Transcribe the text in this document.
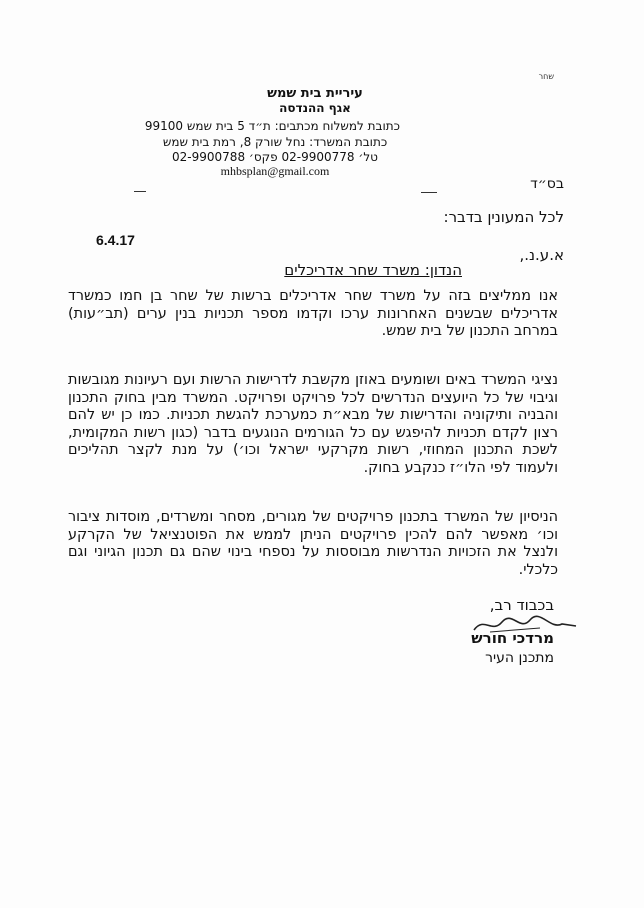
שחר
עיריית בית שמש
אגף ההנדסה
כתובת למשלוח מכתבים: ת״ד 5 בית שמש 99100
כתובת המשרד: נחל שורק 8, רמת בית שמש
טל׳ 02-9900778 פקס׳ 02-9900788
mhbsplan@gmail.com
בס״ד
לכל המעונין בדבר:
6.4.17
א.ע.נ.,
הנדון: משרד שחר אדריכלים
אנו ממליצים בזה על משרד שחר אדריכלים ברשות של שחר בן חמו כמשרד אדריכלים שבשנים האחרונות ערכו וקדמו מספר תכניות בנין ערים (תב״עות) במרחב התכנון של בית שמש.
נציגי המשרד באים ושומעים באוזן מקשבת לדרישות הרשות ועם רעיונות מגובשות וגיבוי של כל היועצים הנדרשים לכל פרויקט ופרויקט. המשרד מבין בחוק התכנון והבניה ותיקוניה והדרישות של מבא״ת כמערכת להגשת תכניות. כמו כן יש להם רצון לקדם תכניות להיפגש עם כל הגורמים הנוגעים בדבר (כגון רשות המקומית, לשכת התכנון המחוזי, רשות מקרקעי ישראל וכו׳) על מנת לקצר תהליכים ולעמוד לפי הלו״ז כנקבע בחוק.
הניסיון של המשרד בתכנון פרויקטים של מגורים, מסחר ומשרדים, מוסדות ציבור וכו׳ מאפשר להם להכין פרויקטים הניתן לממש את הפוטנציאל של הקרקע ולנצל את הזכויות הנדרשות מבוססות על נספחי בינוי שהם גם תכנון הגיוני וגם כלכלי.
בכבוד רב,
מרדכי חורש
מתכנן העיר
